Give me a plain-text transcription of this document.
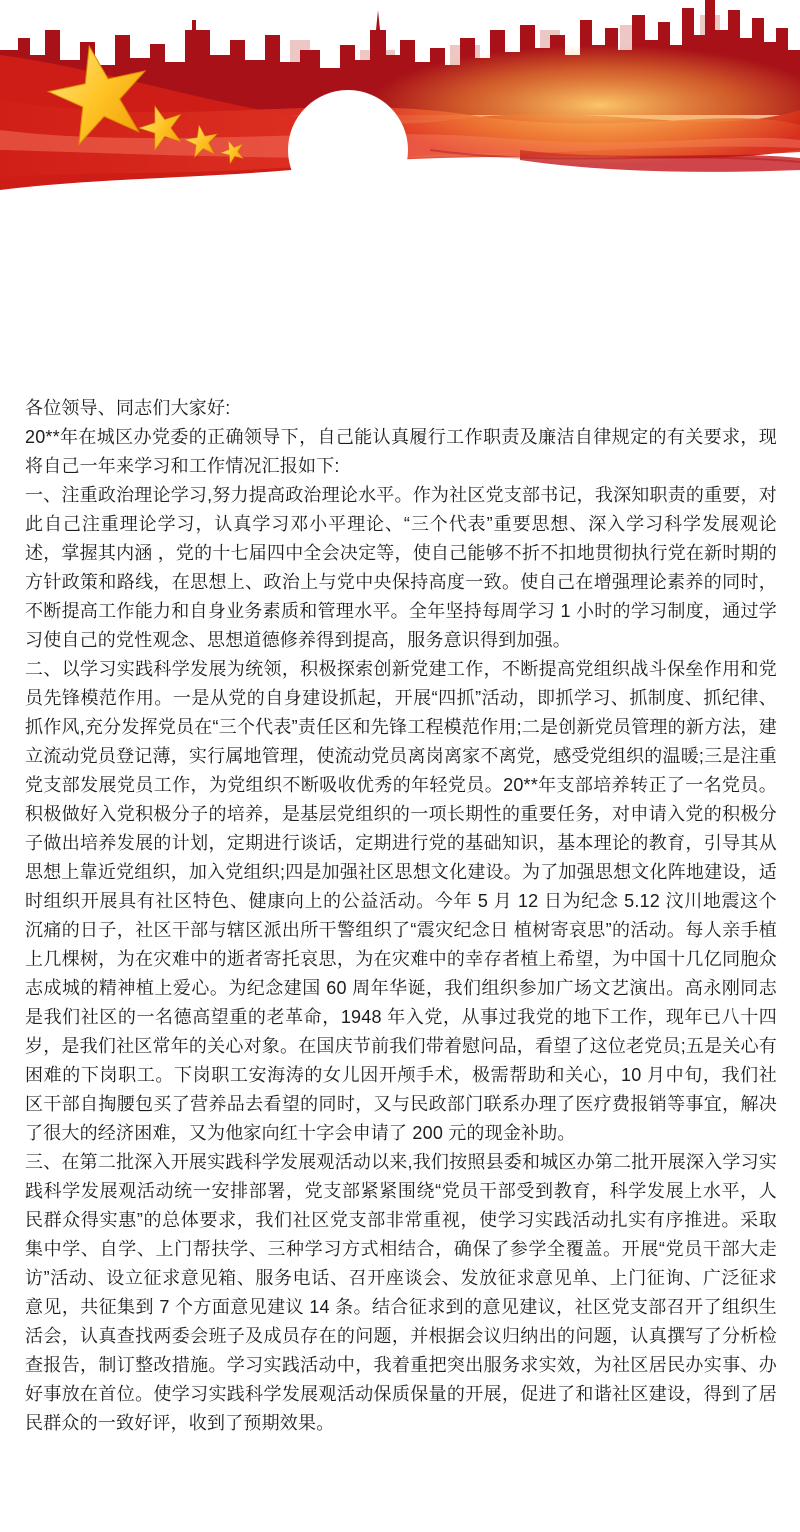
各位领导、同志们大家好:

20**年在城区办党委的正确领导下，自己能认真履行工作职责及廉洁自律规定的有关要求，现将自己一年来学习和工作情况汇报如下:

一、注重政治理论学习,努力提高政治理论水平。作为社区党支部书记，我深知职责的重要，对此自己注重理论学习，认真学习邓小平理论、“三个代表”重要思想、深入学习科学发展观论述，掌握其内涵 ，党的十七届四中全会决定等，使自己能够不折不扣地贯彻执行党在新时期的方针政策和路线，在思想上、政治上与党中央保持高度一致。使自己在增强理论素养的同时，不断提高工作能力和自身业务素质和管理水平。全年坚持每周学习 1 小时的学习制度，通过学习使自己的党性观念、思想道德修养得到提高，服务意识得到加强。

二、以学习实践科学发展为统领，积极探索创新党建工作，不断提高党组织战斗保垒作用和党员先锋模范作用。一是从党的自身建设抓起，开展“四抓”活动，即抓学习、抓制度、抓纪律、抓作风,充分发挥党员在“三个代表”责任区和先锋工程模范作用;二是创新党员管理的新方法，建立流动党员登记薄，实行属地管理，使流动党员离岗离家不离党，感受党组织的温暖;三是注重党支部发展党员工作，为党组织不断吸收优秀的年轻党员。20**年支部培养转正了一名党员。积极做好入党积极分子的培养，是基层党组织的一项长期性的重要任务，对申请入党的积极分子做出培养发展的计划，定期进行谈话，定期进行党的基础知识，基本理论的教育，引导其从思想上靠近党组织，加入党组织;四是加强社区思想文化建设。为了加强思想文化阵地建设，适时组织开展具有社区特色、健康向上的公益活动。今年 5 月 12 日为纪念 5.12 汶川地震这个沉痛的日子，社区干部与辖区派出所干警组织了“震灾纪念日 植树寄哀思”的活动。每人亲手植上几棵树，为在灾难中的逝者寄托哀思，为在灾难中的幸存者植上希望，为中国十几亿同胞众志成城的精神植上爱心。为纪念建国 60 周年华诞，我们组织参加广场文艺演出。高永刚同志是我们社区的一名德高望重的老革命，1948 年入党，从事过我党的地下工作，现年已八十四岁，是我们社区常年的关心对象。在国庆节前我们带着慰问品，看望了这位老党员;五是关心有困难的下岗职工。下岗职工安海涛的女儿因开颅手术，极需帮助和关心，10 月中旬，我们社区干部自掏腰包买了营养品去看望的同时，又与民政部门联系办理了医疗费报销等事宜，解决了很大的经济困难，又为他家向红十字会申请了 200 元的现金补助。

三、在第二批深入开展实践科学发展观活动以来,我们按照县委和城区办第二批开展深入学习实践科学发展观活动统一安排部署，党支部紧紧围绕“党员干部受到教育，科学发展上水平，人民群众得实惠”的总体要求，我们社区党支部非常重视，使学习实践活动扎实有序推进。采取集中学、自学、上门帮扶学、三种学习方式相结合，确保了参学全覆盖。开展“党员干部大走访”活动、设立征求意见箱、服务电话、召开座谈会、发放征求意见单、上门征询、广泛征求意见，共征集到 7 个方面意见建议 14 条。结合征求到的意见建议，社区党支部召开了组织生活会，认真查找两委会班子及成员存在的问题，并根据会议归纳出的问题，认真撰写了分析检查报告，制订整改措施。学习实践活动中，我着重把突出服务求实效，为社区居民办实事、办好事放在首位。使学习实践科学发展观活动保质保量的开展，促进了和谐社区建设，得到了居民群众的一致好评，收到了预期效果。
